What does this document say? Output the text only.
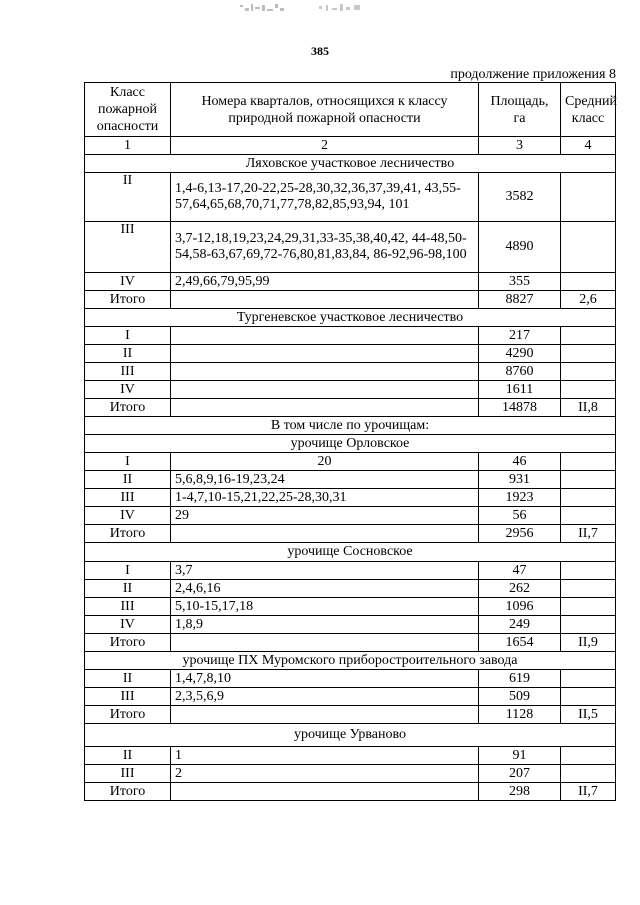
385
продолжение приложения 8
Класс пожарной опасности	Номера кварталов, относящихся к классу природной пожарной опасности	Площадь, га	Средний класс
1	2	3	4
Ляховское участковое лесничество			
II	1,4-6,13-17,20-22,25-28,30,32,36,37,39,41, 43,55-57,64,65,68,70,71,77,78,82,85,93,94, 101	3582	
III	3,7-12,18,19,23,24,29,31,33-35,38,40,42, 44-48,50-54,58-63,67,69,72-76,80,81,83,84, 86-92,96-98,100	4890	
IV	2,49,66,79,95,99	355	
Итого		8827	2,6
Тургеневское участковое лесничество			
I		217	
II		4290	
III		8760	
IV		1611	
Итого		14878	II,8
В том числе по урочищам:			
урочище Орловское			
I	20	46	
II	5,6,8,9,16-19,23,24	931	
III	1-4,7,10-15,21,22,25-28,30,31	1923	
IV	29	56	
Итого		2956	II,7
урочище Сосновское			
I	3,7	47	
II	2,4,6,16	262	
III	5,10-15,17,18	1096	
IV	1,8,9	249	
Итого		1654	II,9
урочище ПХ Муромского приборостроительного завода			
II	1,4,7,8,10	619	
III	2,3,5,6,9	509	
Итого		1128	II,5
урочище Урваново			
II	1	91	
III	2	207	
Итого		298	II,7
